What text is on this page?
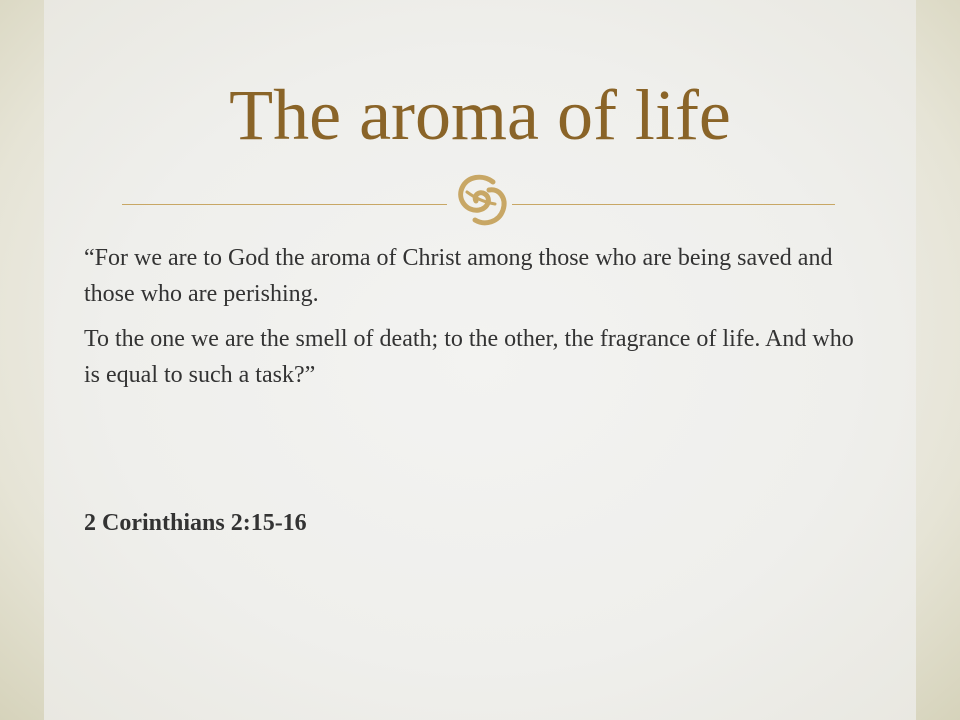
The aroma of life

“For we are to God the aroma of Christ among those who are being saved and those who are perishing.

To the one we are the smell of death; to the other, the fragrance of life. And who is equal to such a task?”

2 Corinthians 2:15-16
